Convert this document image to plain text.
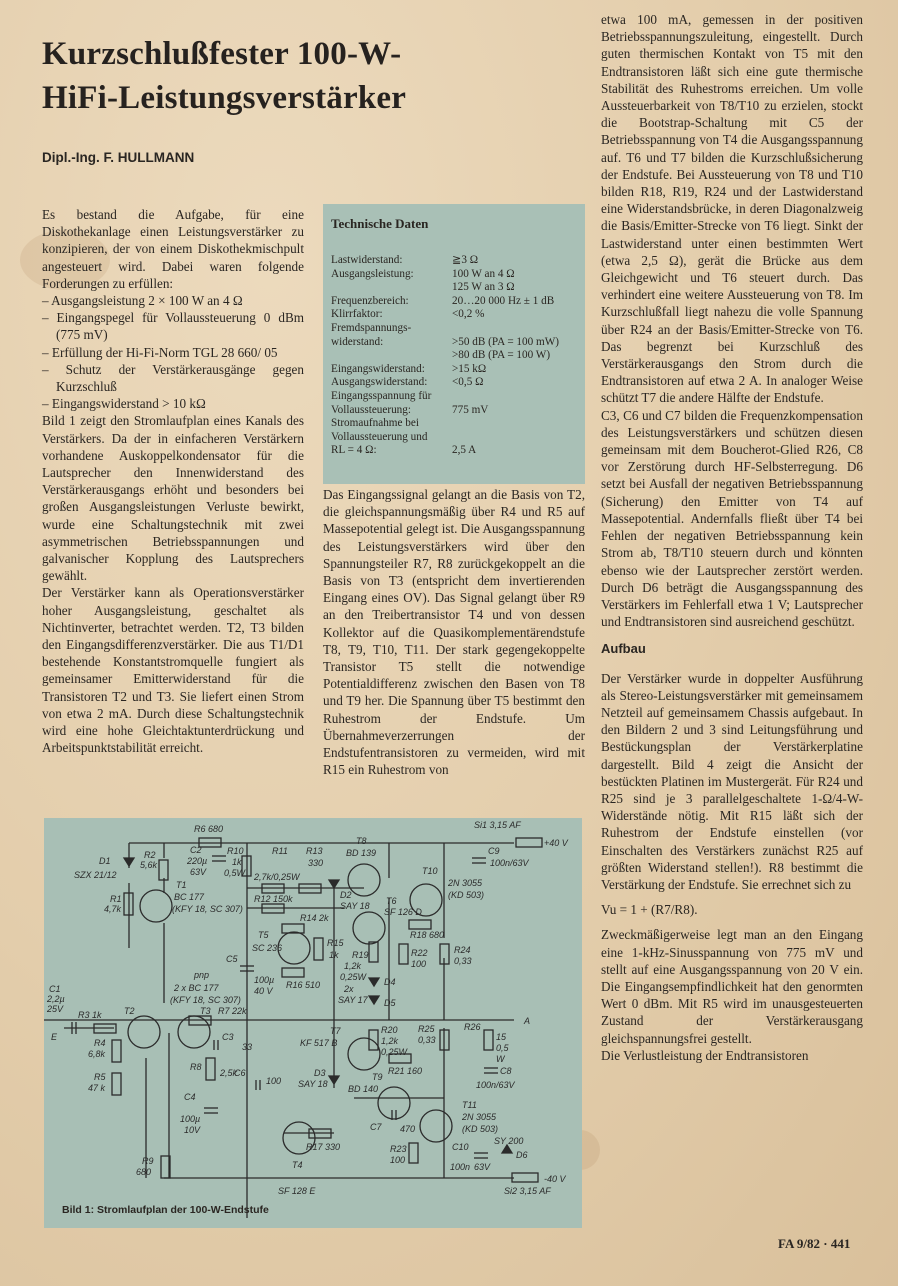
Kurzschlußfester 100-W-
HiFi-Leistungsverstärker
Dipl.-Ing. F. HULLMANN

Es bestand die Aufgabe, für eine Diskothekanlage einen Leistungsverstärker zu konzipieren, der von einem Diskothekmischpult angesteuert wird. Dabei waren folgende Forderungen zu erfüllen:

– Ausgangsleistung 2 × 100 W an 4 Ω
– Eingangspegel für Vollaussteuerung 0 dBm (775 mV)
– Erfüllung der Hi-Fi-Norm TGL 28 660/ 05
– Schutz der Verstärkerausgänge gegen Kurzschluß
– Eingangswiderstand > 10 kΩ

Bild 1 zeigt den Stromlaufplan eines Kanals des Verstärkers. Da der in einfacheren Verstärkern vorhandene Auskoppelkondensator für die Lautsprecher den Innenwiderstand des Verstärkerausgangs erhöht und besonders bei großen Ausgangsleistungen Verluste bewirkt, wurde eine Schaltungstechnik mit zwei asymmetrischen Betriebsspannungen und galvanischer Kopplung des Lautsprechers gewählt.

Der Verstärker kann als Operationsverstärker hoher Ausgangsleistung, geschaltet als Nichtinverter, betrachtet werden. T2, T3 bilden den Eingangsdifferenzverstärker. Die aus T1/D1 bestehende Konstantstromquelle fungiert als gemeinsamer Emitterwiderstand für die Transistoren T2 und T3. Sie liefert einen Strom von etwa 2 mA. Durch diese Schaltungstechnik wird eine hohe Gleichtaktunterdrückung und Arbeitspunktstabilität erreicht.

Technische Daten
Lastwiderstand:	≧3 Ω
Ausgangsleistung:	100 W an 4 Ω
125 W an 3 Ω
Frequenzbereich:	20…20 000 Hz ± 1 dB
Klirrfaktor:	<0,2 %
Fremdspannungs-
widerstand:	>50 dB (PA = 100 mW)
>80 dB (PA = 100 W)
Eingangswiderstand:	>15 kΩ
Ausgangswiderstand:	<0,5 Ω
Eingangsspannung für
Vollaussteuerung:	775 mV
Stromaufnahme bei
Vollaussteuerung und
RL = 4 Ω:	2,5 A

Das Eingangssignal gelangt an die Basis von T2, die gleichspannungsmäßig über R4 und R5 auf Massepotential gelegt ist. Die Ausgangsspannung des Leistungsverstärkers wird über den Spannungsteiler R7, R8 zurückgekoppelt an die Basis von T3 (entspricht dem invertierenden Eingang eines OV). Das Signal gelangt über R9 an den Treibertransistor T4 und von dessen Kollektor auf die Quasikomplementärendstufe T8, T9, T10, T11. Der stark gegengekoppelte Transistor T5 stellt die notwendige Potentialdifferenz zwischen den Basen von T8 und T9 her. Die Spannung über T5 bestimmt den Ruhestrom der Endstufe. Um Übernahmeverzerrungen der Endstufentransistoren zu vermeiden, wird mit R15 ein Ruhestrom von

etwa 100 mA, gemessen in der positiven Betriebsspannungszuleitung, eingestellt. Durch guten thermischen Kontakt von T5 mit den Endtransistoren läßt sich eine gute thermische Stabilität des Ruhestroms erreichen. Um volle Aussteuerbarkeit von T8/T10 zu erzielen, stockt die Bootstrap-Schaltung mit C5 der Betriebsspannung von T4 die Ausgangsspannung auf. T6 und T7 bilden die Kurzschlußsicherung der Endstufe. Bei Aussteuerung von T8 und T10 bilden R18, R19, R24 und der Lastwiderstand eine Widerstandsbrücke, in deren Diagonalzweig die Basis/Emitter-Strecke von T6 liegt. Sinkt der Lastwiderstand unter einen bestimmten Wert (etwa 2,5 Ω), gerät die Brücke aus dem Gleichgewicht und T6 steuert durch. Das verhindert eine weitere Aussteuerung von T8. Im Kurzschlußfall liegt nahezu die volle Spannung über R24 an der Basis/Emitter-Strecke von T6. Das begrenzt bei Kurzschluß des Verstärkerausgangs den Strom durch die Endtransistoren auf etwa 2 A. In analoger Weise schützt T7 die andere Hälfte der Endstufe.

C3, C6 und C7 bilden die Frequenzkompensation des Leistungsverstärkers und schützen diesen gemeinsam mit dem Boucherot-Glied R26, C8 vor Zerstörung durch HF-Selbsterregung. D6 setzt bei Ausfall der negativen Betriebsspannung (Sicherung) den Emitter von T4 auf Massepotential. Andernfalls fließt über T4 bei Fehlen der negativen Betriebsspannung kein Strom ab, T8/T10 steuern durch und könnten ebenso wie der Lautsprecher zerstört werden. Durch D6 beträgt die Ausgangsspannung des Verstärkers im Fehlerfall etwa 1 V; Lautsprecher und Endtransistoren sind ausreichend geschützt.

Aufbau

Der Verstärker wurde in doppelter Ausführung als Stereo-Leistungsverstärker mit gemeinsamem Netzteil auf gemeinsamem Chassis aufgebaut. In den Bildern 2 und 3 sind Leitungsführung und Bestückungsplan der Verstärkerplatine dargestellt. Bild 4 zeigt die Ansicht der bestückten Platinen im Mustergerät. Für R24 und R25 sind je 3 parallelgeschaltete 1-Ω/4-W-Widerstände nötig. Mit R15 läßt sich der Ruhestrom der Endstufe einstellen (vor Einschalten des Verstärkers zunächst R25 auf größten Widerstand stellen!). R8 bestimmt die Verstärkung der Endstufe. Sie errechnet sich zu

Vu = 1 + (R7/R8).

Zweckmäßigerweise legt man an den Eingang eine 1-kHz-Sinusspannung von 775 mV und stellt auf eine Ausgangsspannung von 20 V ein. Die Eingangsempfindlichkeit hat den genormten Wert 0 dBm. Mit R5 wird im unausgesteuerten Zustand der Verstärkerausgang gleichspannungsfrei gestellt.

Die Verlustleistung der Endtransistoren

D1
SZX 21/12
R1
4,7k
R2
5,6k
T1
BC 177
(KFY 18, SC 307)
R6 680
C2
220µ
63V
R10
1k
0,5W
R11
2,7k/0,25W
R13
330
R12 150k
R14 2k
T5
SC 236
C5
100µ
40 V
R15
1k
R16 510
pnp
2 x BC 177
(KFY 18, SC 307)
T2	T3
C1
2,2µ
25V
R3 1k
E
R4
6,8k
R5
47 k
R7 22k
C3
33
R8
2,5k
C4
100µ
10V
C6
100
R9
680
T4
SF 128 E
R17 330
T8
BD 139
D2
SAY 18 T6
SF 126 D
R18 680
T10
2N 3055
(KD 503)
Si1 3,15 AF
+40 V
C9
100n/63V
R19
1,2k
0,25W
R22
100
R24
0,33
2x
SAY 17
D4
D5
A
R20
1,2k
0,25W
R25
0,33
R26
15
0,5
W
T7
KF 517 B
D3
SAY 18
R21 160	C8
100n/63V
T9
BD 140
T11
2N 3055
(KD 503)
C7 470
R23
100
SY 200
D6
C10
100n 63V
Si2 3,15 AF
-40 V
Bild 1: Stromlaufplan der 100-W-Endstufe
FA 9/82 · 441
